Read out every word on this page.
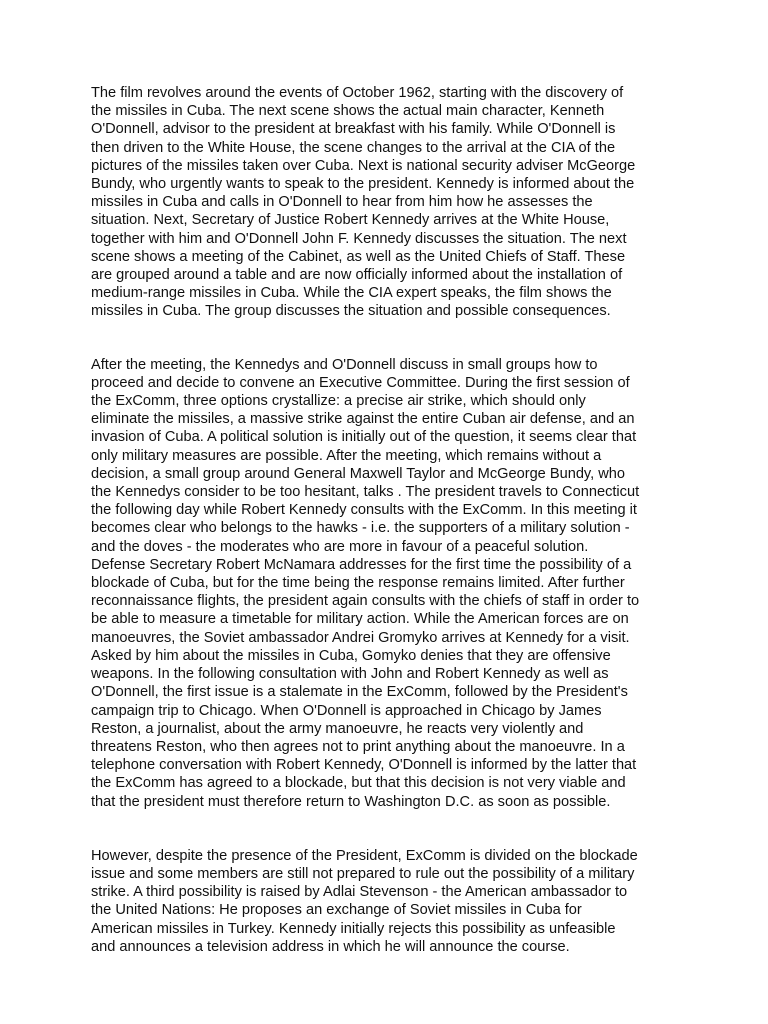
The film revolves around the events of October 1962, starting with the discovery of
the missiles in Cuba. The next scene shows the actual main character, Kenneth
O'Donnell, advisor to the president at breakfast with his family. While O'Donnell is
then driven to the White House, the scene changes to the arrival at the CIA of the
pictures of the missiles taken over Cuba. Next is national security adviser McGeorge
Bundy, who urgently wants to speak to the president. Kennedy is informed about the
missiles in Cuba and calls in O'Donnell to hear from him how he assesses the
situation. Next, Secretary of Justice Robert Kennedy arrives at the White House,
together with him and O'Donnell John F. Kennedy discusses the situation. The next
scene shows a meeting of the Cabinet, as well as the United Chiefs of Staff. These
are grouped around a table and are now officially informed about the installation of
medium-range missiles in Cuba. While the CIA expert speaks, the film shows the
missiles in Cuba. The group discusses the situation and possible consequences.

After the meeting, the Kennedys and O'Donnell discuss in small groups how to
proceed and decide to convene an Executive Committee. During the first session of
the ExComm, three options crystallize: a precise air strike, which should only
eliminate the missiles, a massive strike against the entire Cuban air defense, and an
invasion of Cuba. A political solution is initially out of the question, it seems clear that
only military measures are possible. After the meeting, which remains without a
decision, a small group around General Maxwell Taylor and McGeorge Bundy, who
the Kennedys consider to be too hesitant, talks . The president travels to Connecticut
the following day while Robert Kennedy consults with the ExComm. In this meeting it
becomes clear who belongs to the hawks - i.e. the supporters of a military solution -
and the doves - the moderates who are more in favour of a peaceful solution.
Defense Secretary Robert McNamara addresses for the first time the possibility of a
blockade of Cuba, but for the time being the response remains limited. After further
reconnaissance flights, the president again consults with the chiefs of staff in order to
be able to measure a timetable for military action. While the American forces are on
manoeuvres, the Soviet ambassador Andrei Gromyko arrives at Kennedy for a visit.
Asked by him about the missiles in Cuba, Gomyko denies that they are offensive
weapons. In the following consultation with John and Robert Kennedy as well as
O'Donnell, the first issue is a stalemate in the ExComm, followed by the President's
campaign trip to Chicago. When O'Donnell is approached in Chicago by James
Reston, a journalist, about the army manoeuvre, he reacts very violently and
threatens Reston, who then agrees not to print anything about the manoeuvre. In a
telephone conversation with Robert Kennedy, O'Donnell is informed by the latter that
the ExComm has agreed to a blockade, but that this decision is not very viable and
that the president must therefore return to Washington D.C. as soon as possible.

However, despite the presence of the President, ExComm is divided on the blockade
issue and some members are still not prepared to rule out the possibility of a military
strike. A third possibility is raised by Adlai Stevenson - the American ambassador to
the United Nations: He proposes an exchange of Soviet missiles in Cuba for
American missiles in Turkey. Kennedy initially rejects this possibility as unfeasible
and announces a television address in which he will announce the course.
